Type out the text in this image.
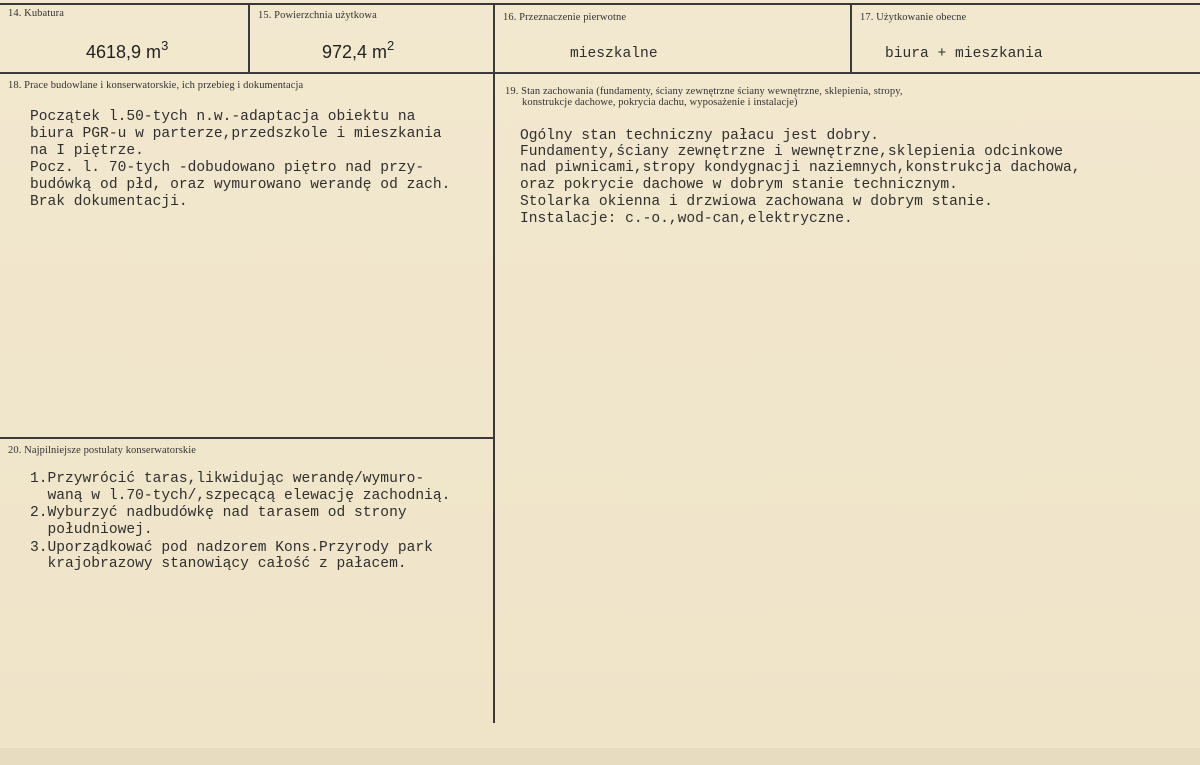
14. Kubatura
4618,9 $m^3$
15. Powierzchnia użytkowa
972,4 $m^2$
16. Przeznaczenie pierwotne
mieszkalne
17. Użytkowanie obecne
biura + mieszkania
18. Prace budowlane i konserwatorskie, ich przebieg i dokumentacja
Początek l.50-tych n.w.-adaptacja obiektu na
biura PGR-u w parterze,przedszkole i mieszkania
na I piętrze.
Pocz. l. 70-tych -dobudowano piętro nad przy-
budówką od płd, oraz wymurowano werandę od zach.
Brak dokumentacji.
19. Stan zachowania (fundamenty, ściany zewnętrzne ściany wewnętrzne, sklepienia, stropy,
konstrukcje dachowe, pokrycia dachu, wyposażenie i instalacje)
Ogólny stan techniczny pałacu jest dobry.
Fundamenty,ściany zewnętrzne i wewnętrzne,sklepienia odcinkowe
nad piwnicami,stropy kondygnacji naziemnych,konstrukcja dachowa,
oraz pokrycie dachowe w dobrym stanie technicznym.
Stolarka okienna i drzwiowa zachowana w dobrym stanie.
Instalacje: c.-o.,wod-can,elektryczne.
20. Najpilniejsze postulaty konserwatorskie
1.Przywrócić taras,likwidując werandę/wymuro-
waną w l.70-tych/,szpecącą elewację zachodnią.
2.Wyburzyć nadbudówkę nad tarasem od strony
południowej.
3.Uporządkować pod nadzorem Kons.Przyrody park
krajobrazowy stanowiący całość z pałacem.
